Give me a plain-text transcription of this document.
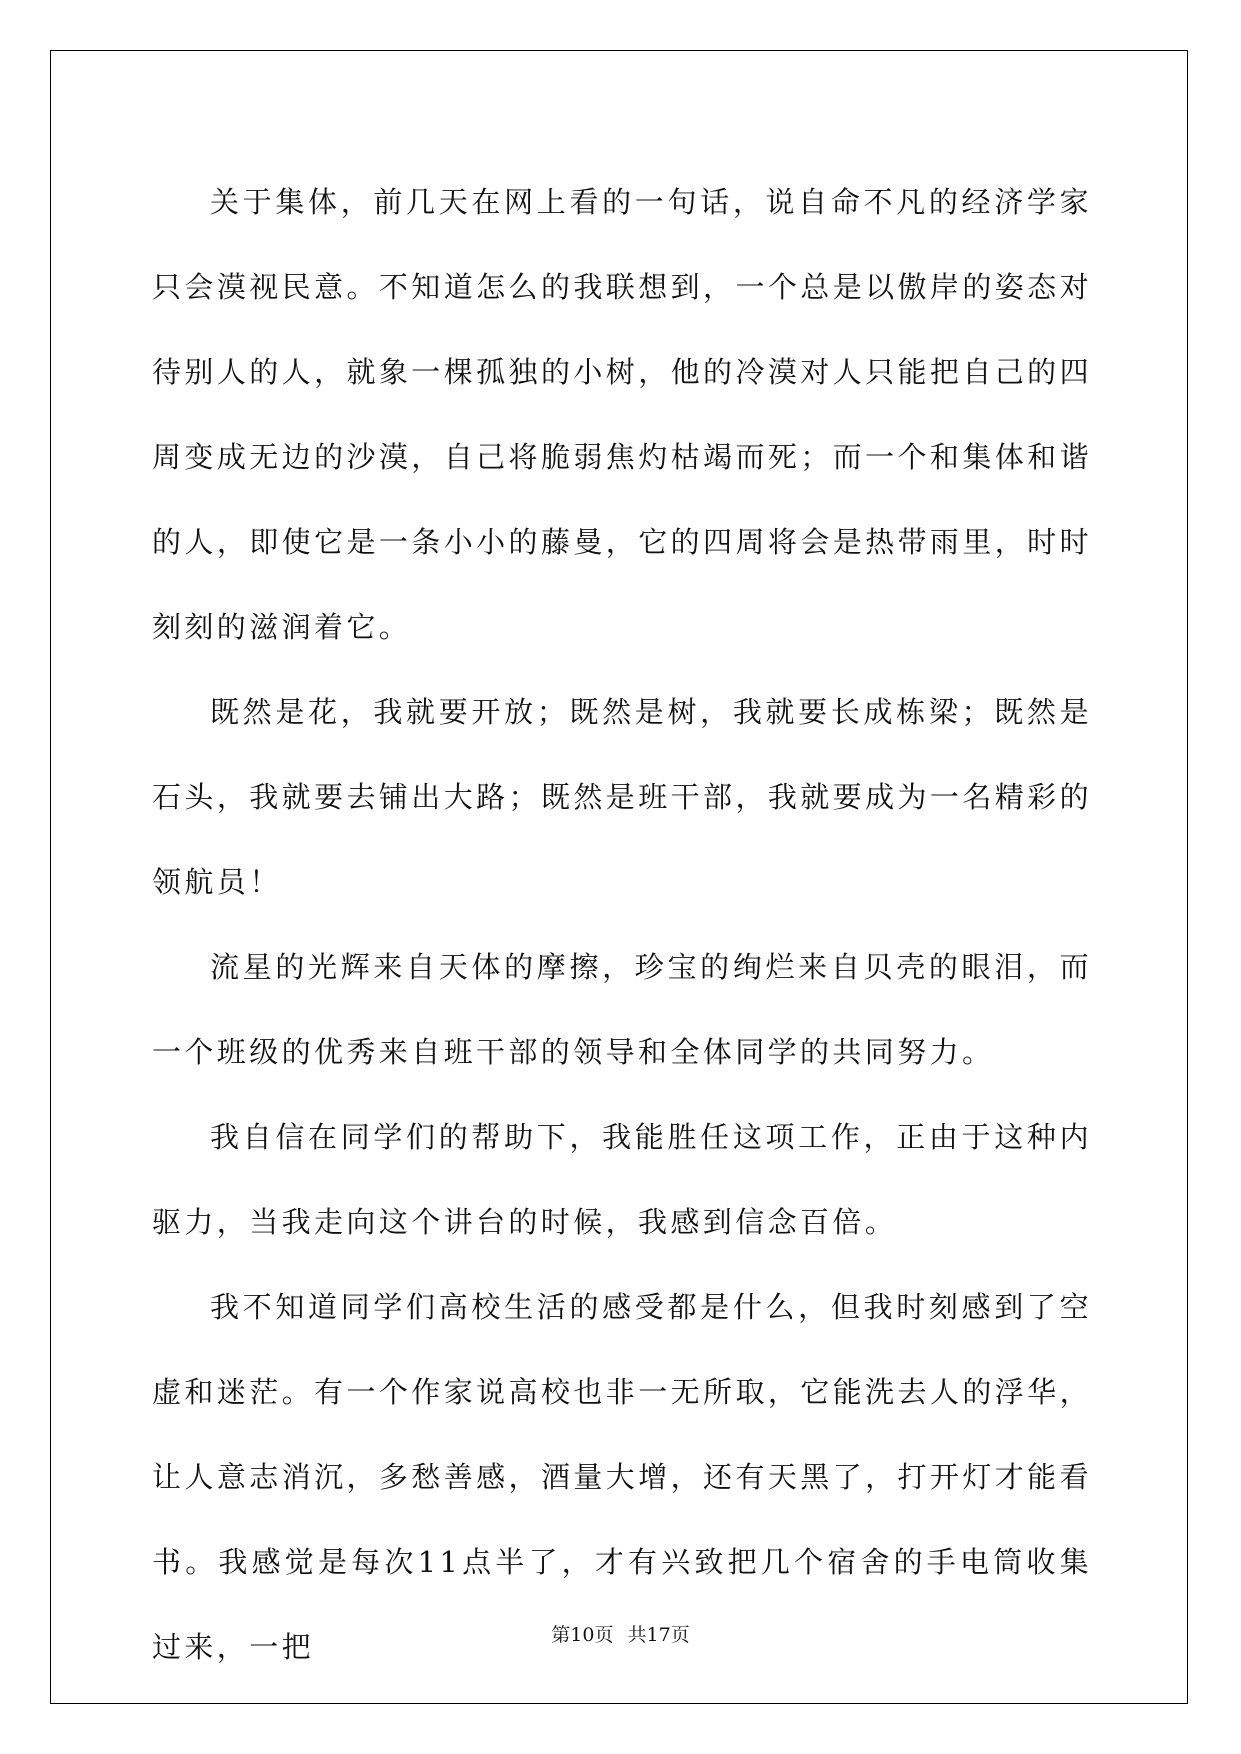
关于集体，前几天在网上看的一句话，说自命不凡的经济学家只会漠视民意。不知道怎么的我联想到，一个总是以傲岸的姿态对待别人的人，就象一棵孤独的小树，他的冷漠对人只能把自己的四周变成无边的沙漠，自己将脆弱焦灼枯竭而死；而一个和集体和谐的人，即使它是一条小小的藤曼，它的四周将会是热带雨里，时时刻刻的滋润着它。

既然是花，我就要开放；既然是树，我就要长成栋梁；既然是石头，我就要去铺出大路；既然是班干部，我就要成为一名精彩的领航员！

流星的光辉来自天体的摩擦，珍宝的绚烂来自贝壳的眼泪，而一个班级的优秀来自班干部的领导和全体同学的共同努力。

我自信在同学们的帮助下，我能胜任这项工作，正由于这种内驱力，当我走向这个讲台的时候，我感到信念百倍。

我不知道同学们高校生活的感受都是什么，但我时刻感到了空虚和迷茫。有一个作家说高校也非一无所取，它能洗去人的浮华，让人意志消沉，多愁善感，酒量大增，还有天黑了，打开灯才能看书。我感觉是每次11点半了，才有兴致把几个宿舍的手电筒收集过来，一把	第10页 共17页
